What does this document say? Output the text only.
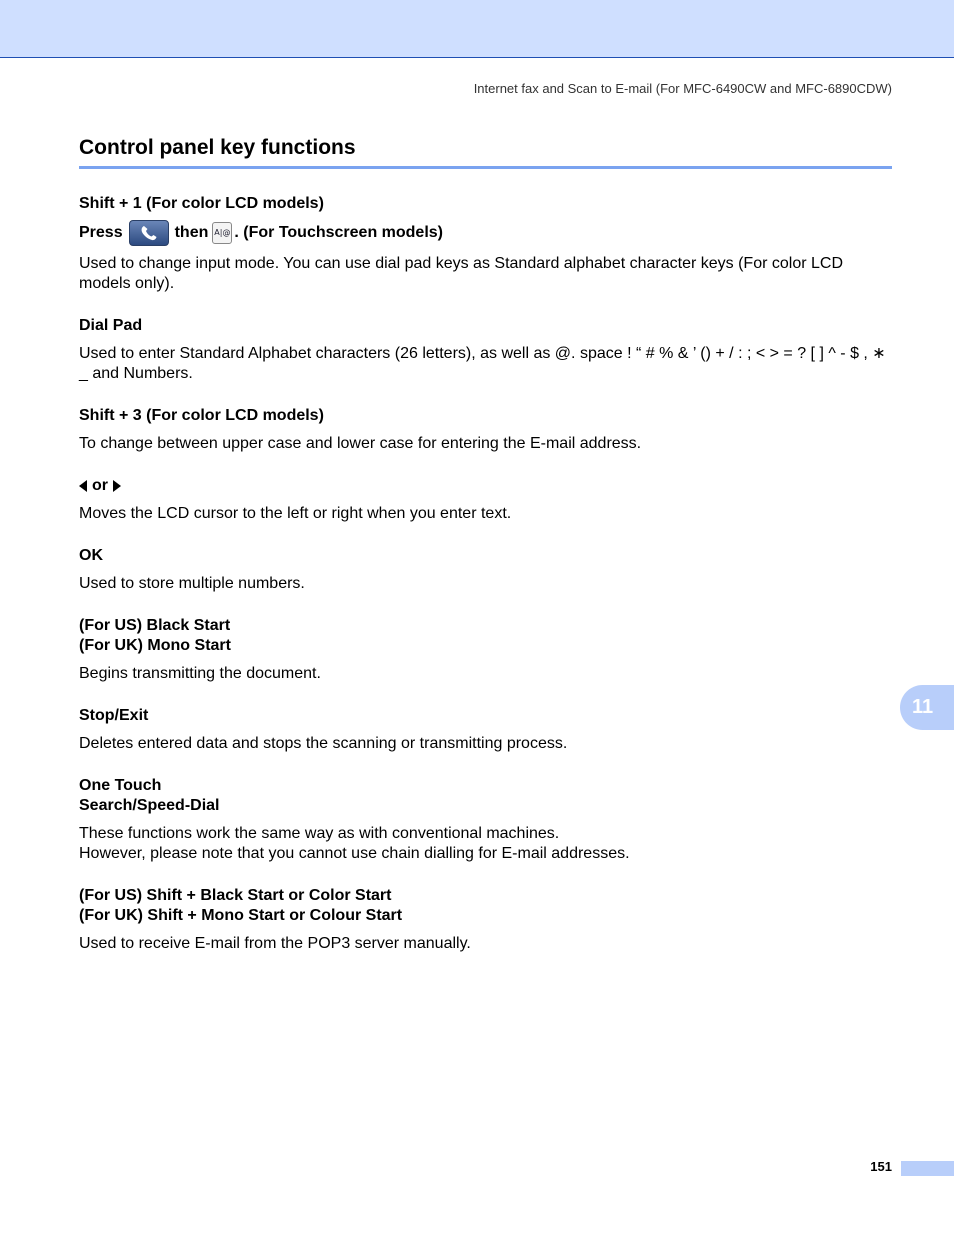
Internet fax and Scan to E-mail (For MFC-6490CW and MFC-6890CDW)
Control panel key functions
Shift + 1 (For color LCD models)
Press	then A|@ . (For Touchscreen models)
Used to change input mode. You can use dial pad keys as Standard alphabet character keys (For color LCD models only).
Dial Pad
Used to enter Standard Alphabet characters (26 letters), as well as @. space ! “ # % & ’ () + / : ; < > = ? [ ] ^ - $ , ∗ _ and Numbers.
Shift + 3 (For color LCD models)
To change between upper case and lower case for entering the E-mail address.
or
Moves the LCD cursor to the left or right when you enter text.
OK
Used to store multiple numbers.
(For US) Black Start
(For UK) Mono Start
Begins transmitting the document.
Stop/Exit
Deletes entered data and stops the scanning or transmitting process.
One Touch
Search/Speed-Dial
These functions work the same way as with conventional machines.
However, please note that you cannot use chain dialling for E-mail addresses.
(For US) Shift + Black Start or Color Start
(For UK) Shift + Mono Start or Colour Start
Used to receive E-mail from the POP3 server manually.
11
151
